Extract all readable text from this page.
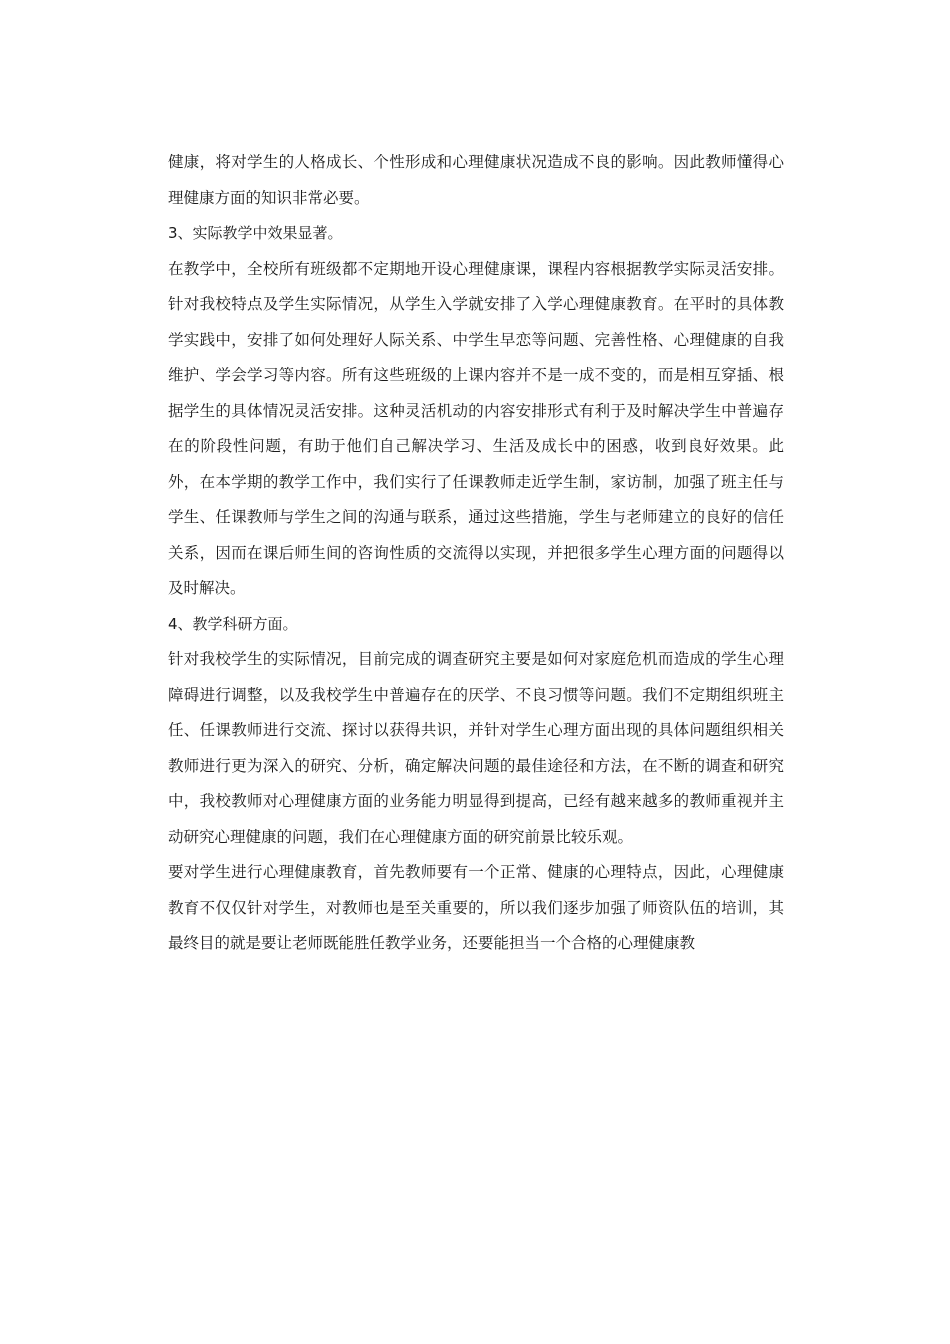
健康，将对学生的人格成长、个性形成和心理健康状况造成不良的影响。因此教师懂得心理健康方面的知识非常必要。

3、实际教学中效果显著。

在教学中，全校所有班级都不定期地开设心理健康课，课程内容根据教学实际灵活安排。针对我校特点及学生实际情况，从学生入学就安排了入学心理健康教育。在平时的具体教学实践中，安排了如何处理好人际关系、中学生早恋等问题、完善性格、心理健康的自我维护、学会学习等内容。所有这些班级的上课内容并不是一成不变的，而是相互穿插、根据学生的具体情况灵活安排。这种灵活机动的内容安排形式有利于及时解决学生中普遍存在的阶段性问题，有助于他们自己解决学习、生活及成长中的困惑，收到良好效果。此外，在本学期的教学工作中，我们实行了任课教师走近学生制，家访制，加强了班主任与学生、任课教师与学生之间的沟通与联系，通过这些措施，学生与老师建立的良好的信任关系，因而在课后师生间的咨询性质的交流得以实现，并把很多学生心理方面的问题得以及时解决。

4、教学科研方面。

针对我校学生的实际情况，目前完成的调查研究主要是如何对家庭危机而造成的学生心理障碍进行调整，以及我校学生中普遍存在的厌学、不良习惯等问题。我们不定期组织班主任、任课教师进行交流、探讨以获得共识，并针对学生心理方面出现的具体问题组织相关教师进行更为深入的研究、分析，确定解决问题的最佳途径和方法，在不断的调查和研究中，我校教师对心理健康方面的业务能力明显得到提高，已经有越来越多的教师重视并主动研究心理健康的问题，我们在心理健康方面的研究前景比较乐观。

要对学生进行心理健康教育，首先教师要有一个正常、健康的心理特点，因此，心理健康教育不仅仅针对学生，对教师也是至关重要的，所以我们逐步加强了师资队伍的培训，其最终目的就是要让老师既能胜任教学业务，还要能担当一个合格的心理健康教
